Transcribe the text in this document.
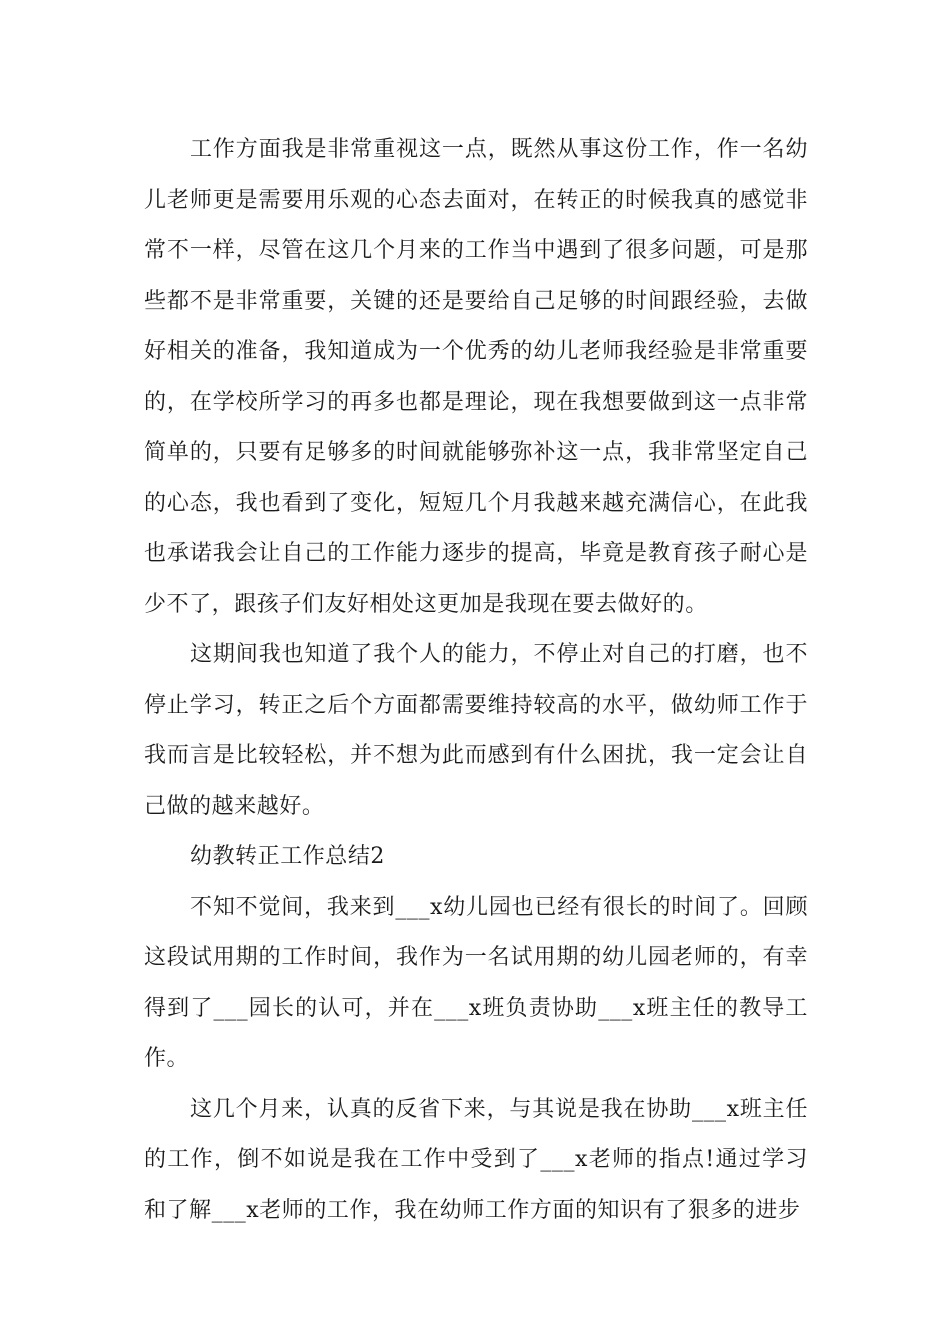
工作方面我是非常重视这一点，既然从事这份工作，作一名幼儿老师更是需要用乐观的心态去面对，在转正的时候我真的感觉非常不一样，尽管在这几个月来的工作当中遇到了很多问题，可是那些都不是非常重要，关键的还是要给自己足够的时间跟经验，去做好相关的准备，我知道成为一个优秀的幼儿老师我经验是非常重要的，在学校所学习的再多也都是理论，现在我想要做到这一点非常简单的，只要有足够多的时间就能够弥补这一点，我非常坚定自己的心态，我也看到了变化，短短几个月我越来越充满信心，在此我也承诺我会让自己的工作能力逐步的提高，毕竟是教育孩子耐心是少不了，跟孩子们友好相处这更加是我现在要去做好的。

这期间我也知道了我个人的能力，不停止对自己的打磨，也不停止学习，转正之后个方面都需要维持较高的水平，做幼师工作于我而言是比较轻松，并不想为此而感到有什么困扰，我一定会让自己做的越来越好。

幼教转正工作总结2

不知不觉间，我来到___x幼儿园也已经有很长的时间了。回顾这段试用期的工作时间，我作为一名试用期的幼儿园老师的，有幸得到了___园长的认可，并在___x班负责协助___x班主任的教导工作。

这几个月来，认真的反省下来，与其说是我在协助___x班主任的工作，倒不如说是我在工作中受到了___x老师的指点!通过学习和了解___x老师的工作，我在幼师工作方面的知识有了狠多的进步
